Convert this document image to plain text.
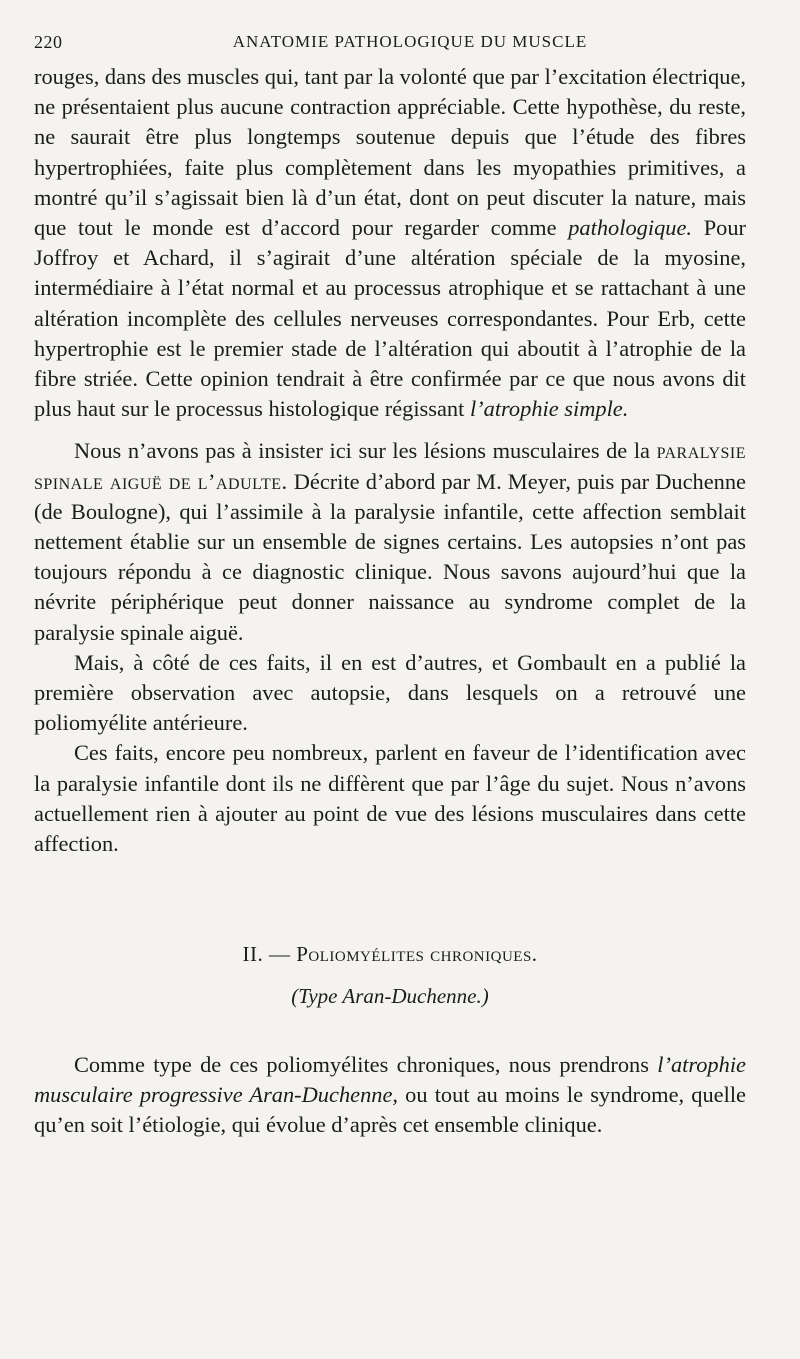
220	ANATOMIE PATHOLOGIQUE DU MUSCLE

rouges, dans des muscles qui, tant par la volonté que par l’excitation électrique, ne présentaient plus aucune contraction appréciable. Cette hypothèse, du reste, ne saurait être plus longtemps soutenue depuis que l’étude des fibres hypertrophiées, faite plus complètement dans les myopathies primitives, a montré qu’il s’agissait bien là d’un état, dont on peut discuter la nature, mais que tout le monde est d’accord pour regarder comme pathologique. Pour Joffroy et Achard, il s’agirait d’une altération spéciale de la myosine, intermédiaire à l’état normal et au processus atrophique et se rattachant à une altération incomplète des cellules nerveuses correspondantes. Pour Erb, cette hypertrophie est le premier stade de l’altération qui aboutit à l’atrophie de la fibre striée. Cette opinion tendrait à être confirmée par ce que nous avons dit plus haut sur le processus histologique régissant l’atrophie simple.

Nous n’avons pas à insister ici sur les lésions musculaires de la paralysie spinale aiguë de l’adulte. Décrite d’abord par M. Meyer, puis par Duchenne (de Boulogne), qui l’assimile à la paralysie infantile, cette affection semblait nettement établie sur un ensemble de signes certains. Les autopsies n’ont pas toujours répondu à ce diagnostic clinique. Nous savons aujourd’hui que la névrite périphérique peut donner naissance au syndrome complet de la paralysie spinale aiguë.

Mais, à côté de ces faits, il en est d’autres, et Gombault en a publié la première observation avec autopsie, dans lesquels on a retrouvé une poliomyélite antérieure.

Ces faits, encore peu nombreux, parlent en faveur de l’identification avec la paralysie infantile dont ils ne diffèrent que par l’âge du sujet. Nous n’avons actuellement rien à ajouter au point de vue des lésions musculaires dans cette affection.

II. — Poliomyélites chroniques.
(Type Aran-Duchenne.)

Comme type de ces poliomyélites chroniques, nous prendrons l’atrophie musculaire progressive Aran-Duchenne, ou tout au moins le syndrome, quelle qu’en soit l’étiologie, qui évolue d’après cet ensemble clinique.
